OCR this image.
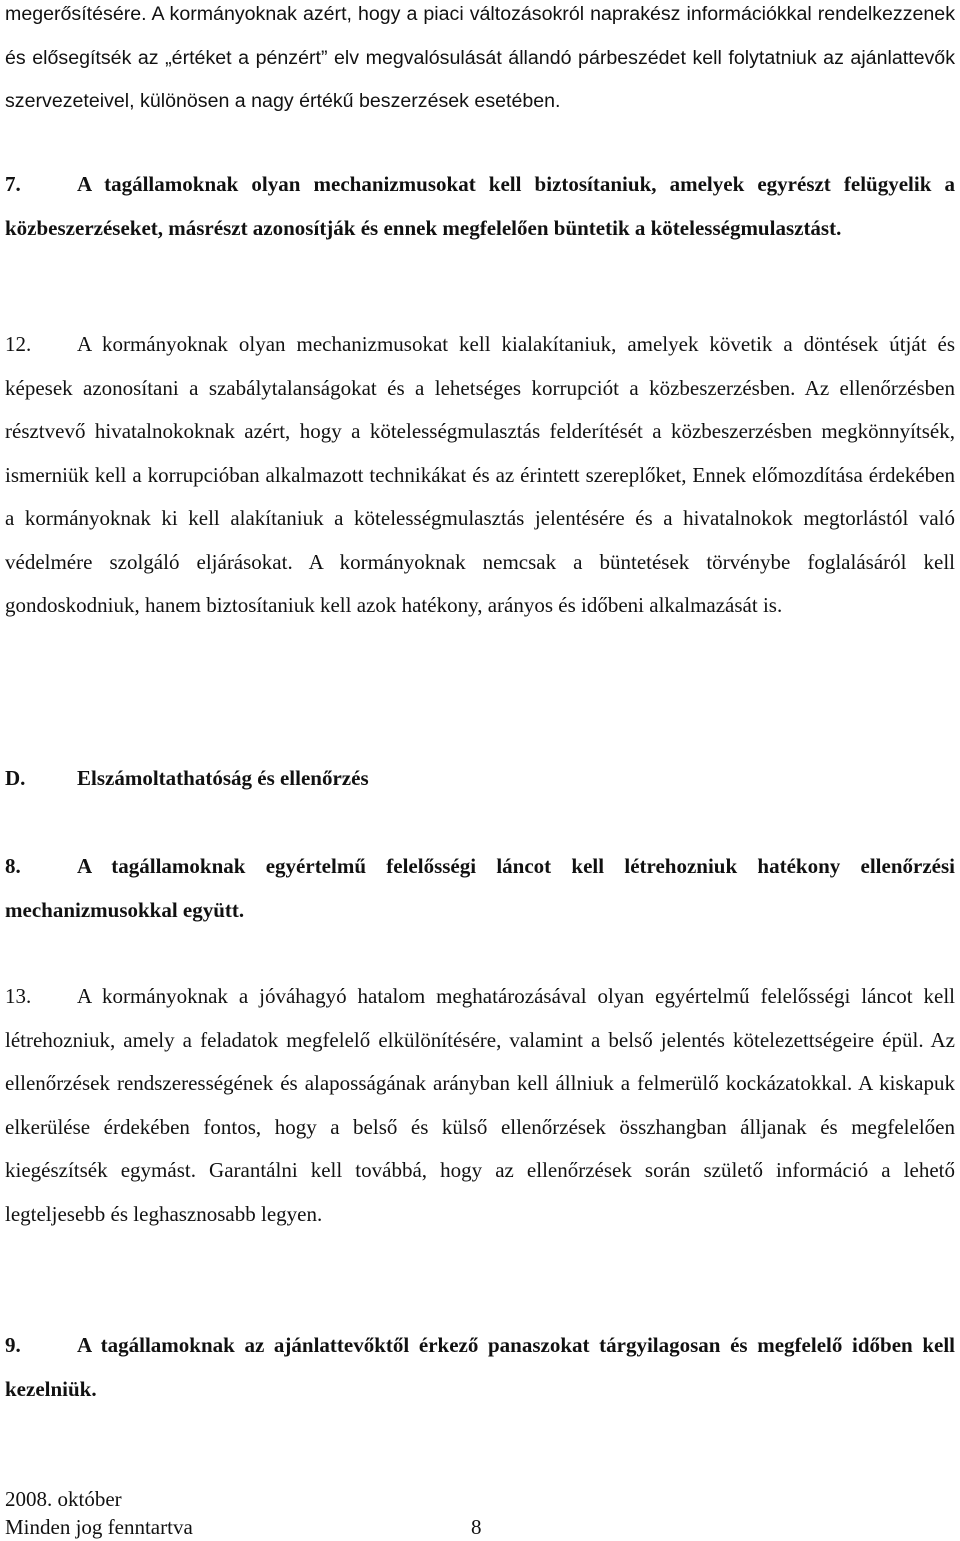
megerősítésére. A kormányoknak azért, hogy a piaci változásokról naprakész információkkal rendelkezzenek és elősegítsék az „értéket a pénzért” elv megvalósulását állandó párbeszédet kell folytatniuk az ajánlattevők szervezeteivel, különösen a nagy értékű beszerzések esetében.

7.	A tagállamoknak olyan mechanizmusokat kell biztosítaniuk, amelyek egyrészt felügyelik a közbeszerzéseket, másrészt azonosítják és ennek megfelelően büntetik a kötelességmulasztást.

12. A kormányoknak olyan mechanizmusokat kell kialakítaniuk, amelyek követik a döntések útját és képesek azonosítani a szabálytalanságokat és a lehetséges korrupciót a közbeszerzésben. Az ellenőrzésben résztvevő hivatalnokoknak azért, hogy a kötelességmulasztás felderítését a közbeszerzésben megkönnyítsék, ismerniük kell a korrupcióban alkalmazott technikákat és az érintett szereplőket, Ennek előmozdítása érdekében a kormányoknak ki kell alakítaniuk a kötelességmulasztás jelentésére és a hivatalnokok megtorlástól való védelmére szolgáló eljárásokat. A kormányoknak nemcsak a büntetések törvénybe foglalásáról kell gondoskodniuk, hanem biztosítaniuk kell azok hatékony, arányos és időbeni alkalmazását is.

D. Elszámoltathatóság és ellenőrzés

8.	A tagállamoknak egyértelmű felelősségi láncot kell létrehozniuk hatékony ellenőrzési mechanizmusokkal együtt.

13. A kormányoknak a jóváhagyó hatalom meghatározásával olyan egyértelmű felelősségi láncot kell létrehozniuk, amely a feladatok megfelelő elkülönítésére, valamint a belső jelentés kötelezettségeire épül. Az ellenőrzések rendszerességének és alaposságának arányban kell állniuk a felmerülő kockázatokkal. A kiskapuk elkerülése érdekében fontos, hogy a belső és külső ellenőrzések összhangban álljanak és megfelelően kiegészítsék egymást. Garantálni kell továbbá, hogy az ellenőrzések során születő információ a lehető legteljesebb és leghasznosabb legyen.

9.	A tagállamoknak az ajánlattevőktől érkező panaszokat tárgyilagosan és megfelelő időben kell kezelniük.

2008. október
Minden jog fenntartva	8
